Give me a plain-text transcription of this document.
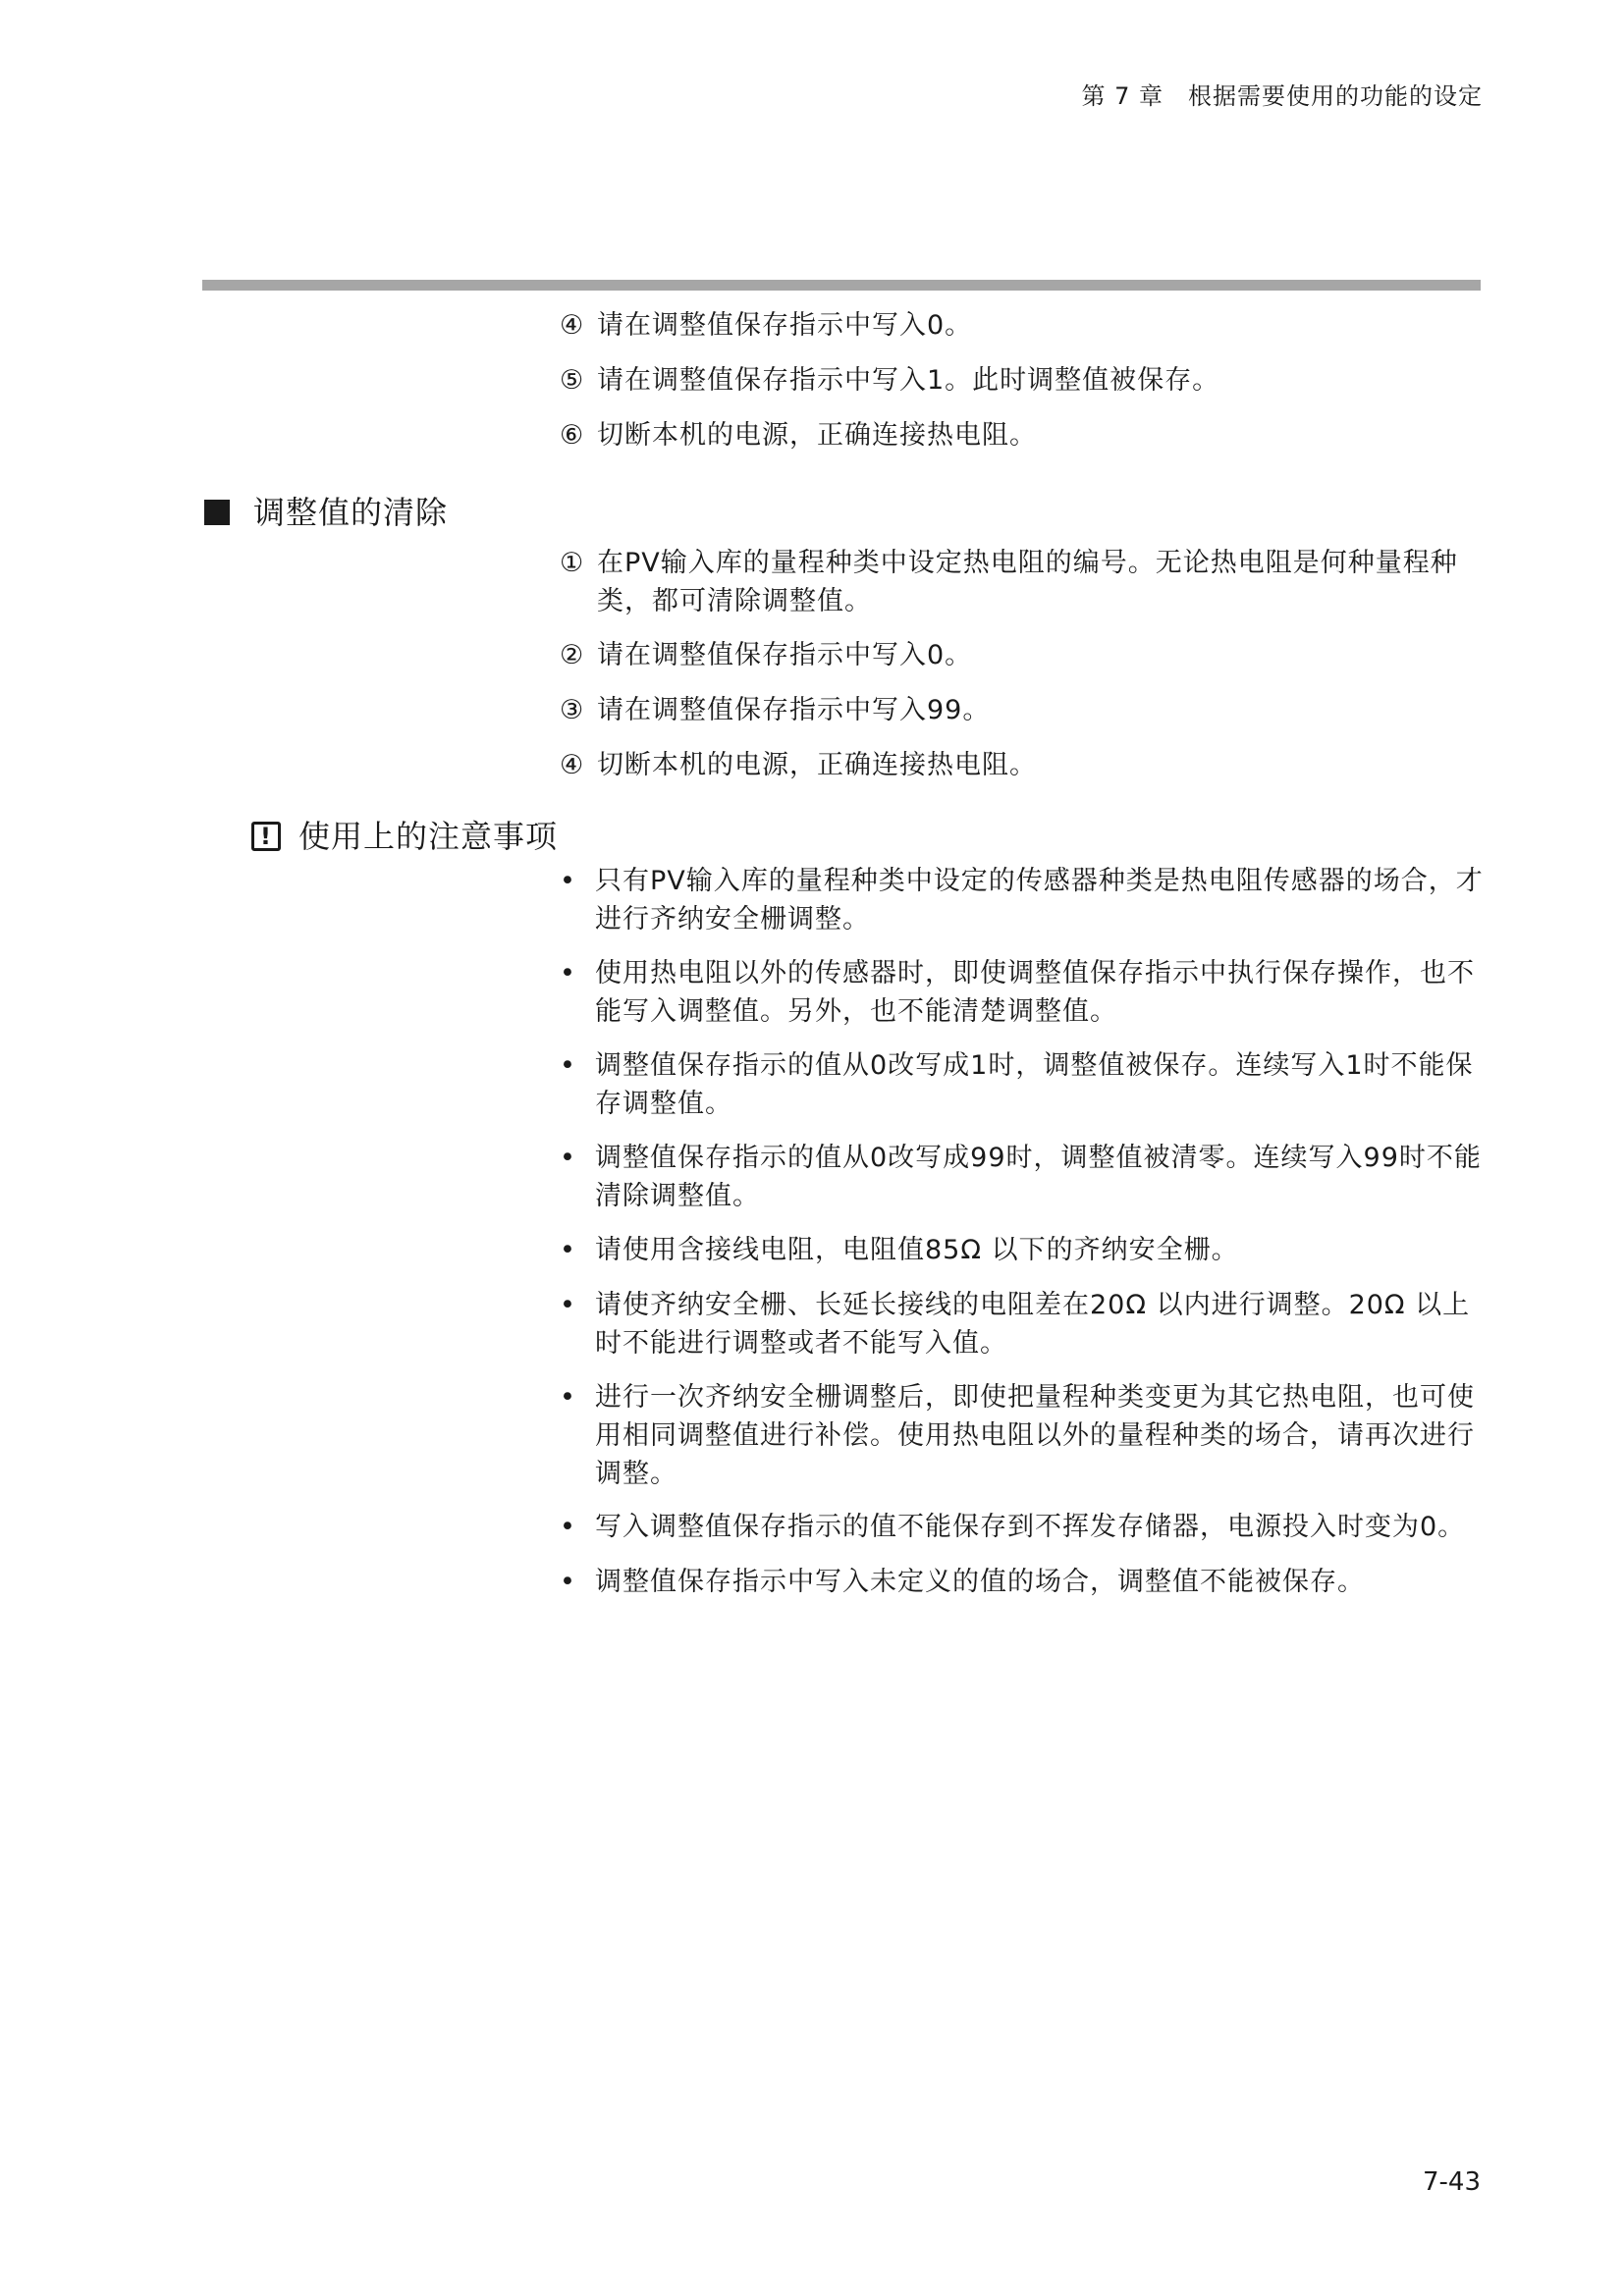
第 7 章　根据需要使用的功能的设定
④ 请在调整值保存指示中写入0。
⑤ 请在调整值保存指示中写入1。此时调整值被保存。
⑥ 切断本机的电源，正确连接热电阻。
调整值的清除
① 在PV输入库的量程种类中设定热电阻的编号。无论热电阻是何种量程种类，都可清除调整值。
② 请在调整值保存指示中写入0。
③ 请在调整值保存指示中写入99。
④ 切断本机的电源，正确连接热电阻。
! 使用上的注意事项
• 只有PV输入库的量程种类中设定的传感器种类是热电阻传感器的场合，才进行齐纳安全栅调整。
• 使用热电阻以外的传感器时，即使调整值保存指示中执行保存操作，也不能写入调整值。另外，也不能清楚调整值。
• 调整值保存指示的值从0改写成1时，调整值被保存。连续写入1时不能保存调整值。
• 调整值保存指示的值从0改写成99时，调整值被清零。连续写入99时不能清除调整值。
• 请使用含接线电阻，电阻值85Ω 以下的齐纳安全栅。
• 请使齐纳安全栅、长延长接线的电阻差在20Ω 以内进行调整。20Ω 以上时不能进行调整或者不能写入值。
• 进行一次齐纳安全栅调整后，即使把量程种类变更为其它热电阻，也可使用相同调整值进行补偿。使用热电阻以外的量程种类的场合，请再次进行调整。
• 写入调整值保存指示的值不能保存到不挥发存储器，电源投入时变为0。
• 调整值保存指示中写入未定义的值的场合，调整值不能被保存。
7-43
